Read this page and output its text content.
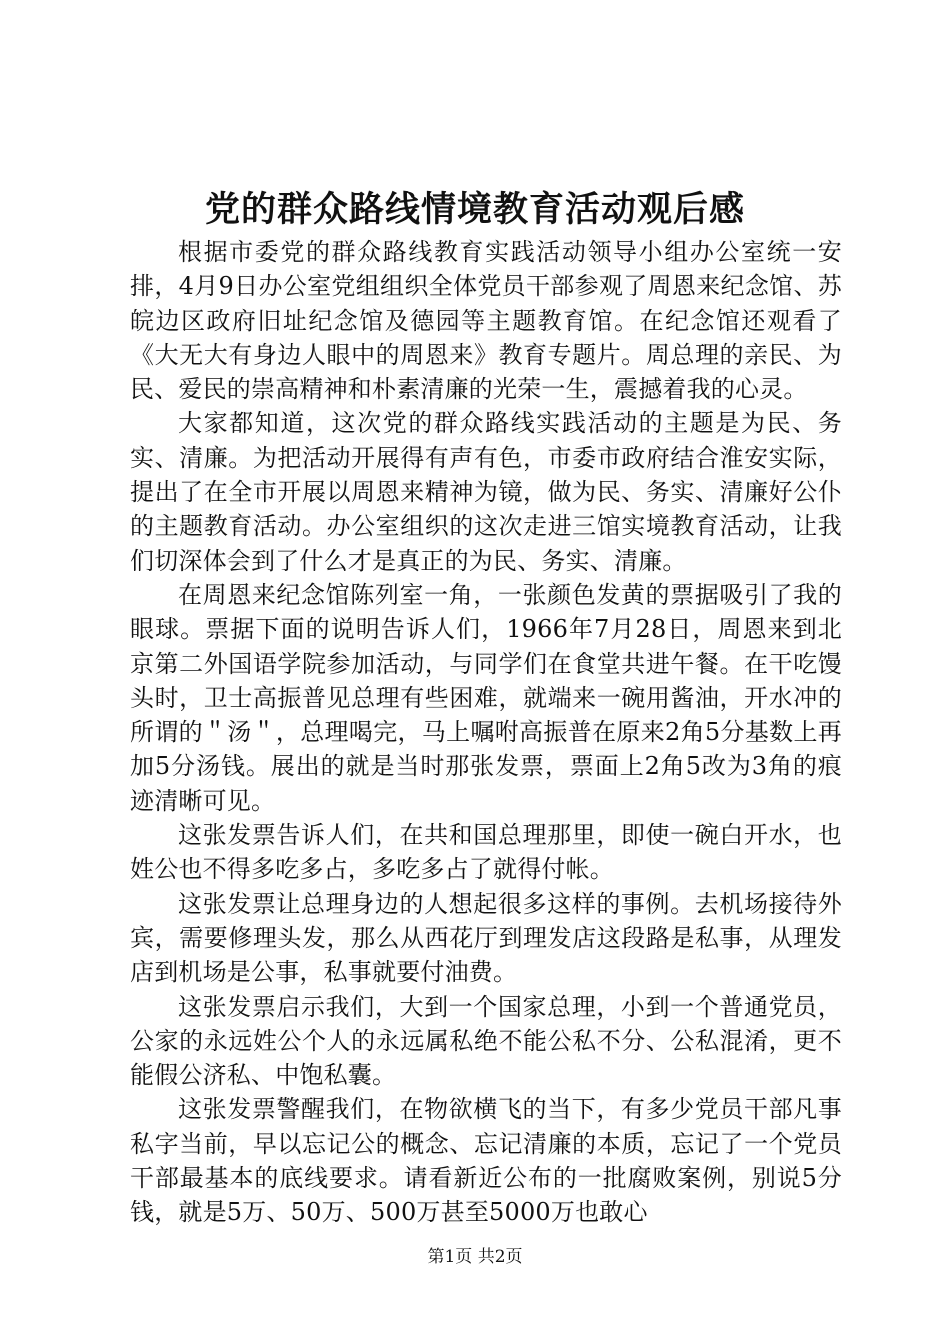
党的群众路线情境教育活动观后感

根据市委党的群众路线教育实践活动领导小组办公室统一安排，4月9日办公室党组组织全体党员干部参观了周恩来纪念馆、苏皖边区政府旧址纪念馆及德园等主题教育馆。在纪念馆还观看了《大无大有身边人眼中的周恩来》教育专题片。周总理的亲民、为民、爱民的崇高精神和朴素清廉的光荣一生，震撼着我的心灵。

大家都知道，这次党的群众路线实践活动的主题是为民、务实、清廉。为把活动开展得有声有色，市委市政府结合淮安实际，提出了在全市开展以周恩来精神为镜，做为民、务实、清廉好公仆的主题教育活动。办公室组织的这次走进三馆实境教育活动，让我们切深体会到了什么才是真正的为民、务实、清廉。

在周恩来纪念馆陈列室一角，一张颜色发黄的票据吸引了我的眼球。票据下面的说明告诉人们，1966年7月28日，周恩来到北京第二外国语学院参加活动，与同学们在食堂共进午餐。在干吃馒头时，卫士高振普见总理有些困难，就端来一碗用酱油，开水冲的所谓的＂汤＂，总理喝完，马上嘱咐高振普在原来2角5分基数上再加5分汤钱。展出的就是当时那张发票，票面上2角5改为3角的痕迹清晰可见。

这张发票告诉人们，在共和国总理那里，即使一碗白开水，也姓公也不得多吃多占，多吃多占了就得付帐。

这张发票让总理身边的人想起很多这样的事例。去机场接待外宾，需要修理头发，那么从西花厅到理发店这段路是私事，从理发店到机场是公事，私事就要付油费。

这张发票启示我们，大到一个国家总理，小到一个普通党员，公家的永远姓公个人的永远属私绝不能公私不分、公私混淆，更不能假公济私、中饱私囊。

这张发票警醒我们，在物欲横飞的当下，有多少党员干部凡事私字当前，早以忘记公的概念、忘记清廉的本质，忘记了一个党员干部最基本的底线要求。请看新近公布的一批腐败案例，别说5分钱，就是5万、50万、500万甚至5000万也敢心

第1页 共2页
